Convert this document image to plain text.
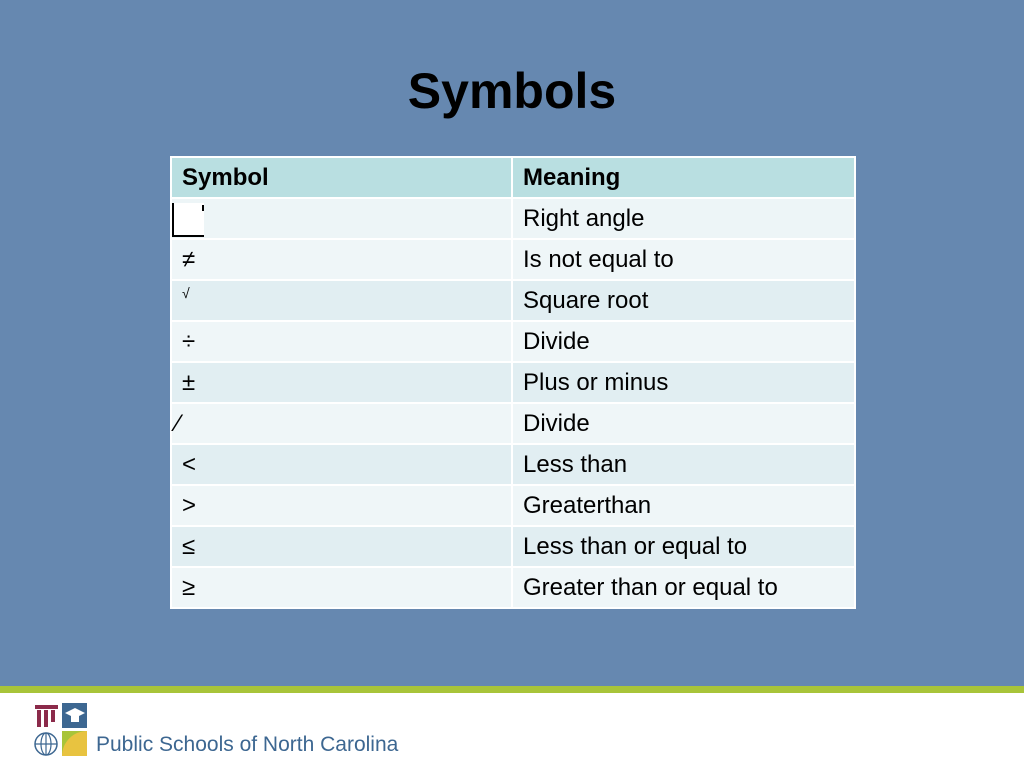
Symbols
Symbol	Meaning

	Right angle
≠	Is not equal to
√	Square root
÷	Divide
±	Plus or minus
∕	Divide
<	Less than
>	Greaterthan
≤	Less than or equal to
≥	Greater than or equal to
Public Schools of North Carolina
